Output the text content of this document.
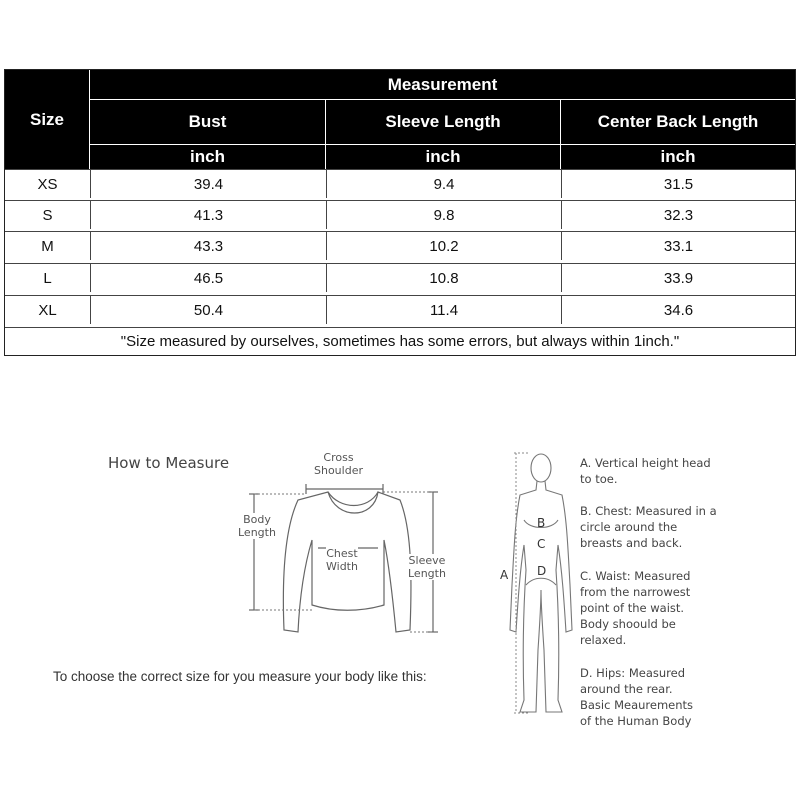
Size
Measurement
Bust	Sleeve Length	Center Back Length
inch	inch	inch
XS	39.4	9.4	31.5
S	41.3	9.8	32.3
M	43.3	10.2	33.1
L	46.5	10.8	33.9
XL	50.4	11.4	34.6
"Size measured by ourselves, sometimes has some errors, but always within 1inch."
How to Measure	Cross
Shoulder
Body
Length
Chest
Width	Sleeve
Length	A
B
C
D
A. Vertical height head
to toe.
B. Chest: Measured in a
circle around the
breasts and back.
C. Waist: Measured
from the narrowest
point of the waist.
Body shoould be
relaxed.
D. Hips: Measured
around the rear.
Basic Meaurements
of the Human Body
To choose the correct size for you measure your body like this:
